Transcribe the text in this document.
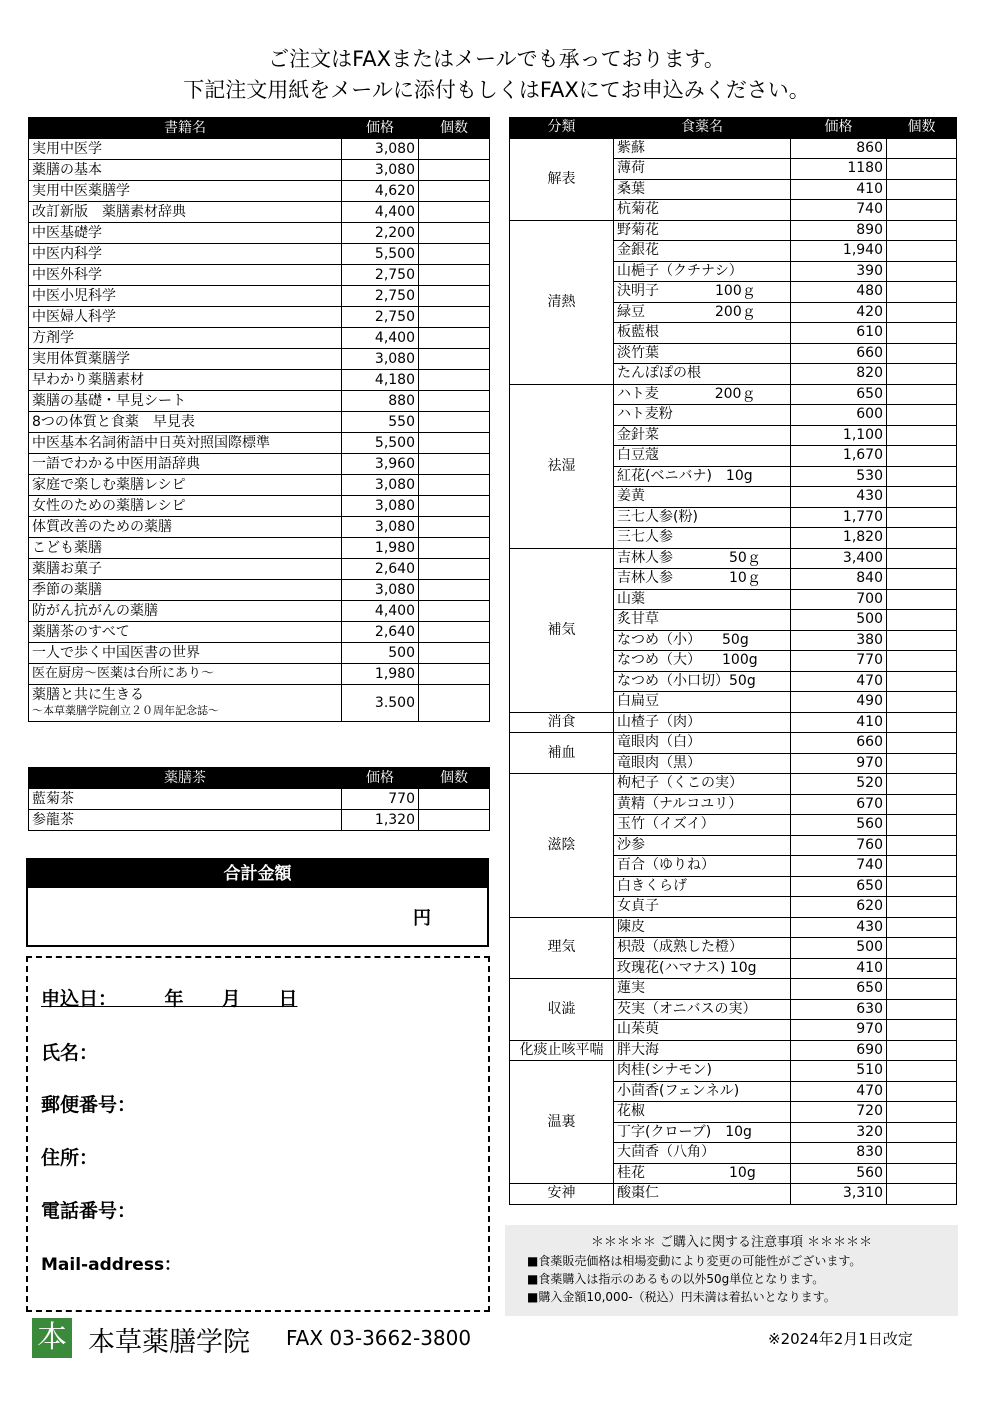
ご注文はFAXまたはメールでも承っております。
下記注文用紙をメールに添付もしくはFAXにてお申込みください。
書籍名	価格	個数
実用中医学	3,080	
薬膳の基本	3,080	
実用中医薬膳学	4,620	
改訂新版　薬膳素材辞典	4,400	
中医基礎学	2,200	
中医内科学	5,500	
中医外科学	2,750	
中医小児科学	2,750	
中医婦人科学	2,750	
方剤学	4,400	
実用体質薬膳学	3,080	
早わかり薬膳素材	4,180	
薬膳の基礎・早見シート	880	
8つの体質と食薬　早見表	550	
中医基本名詞術語中日英対照国際標準	5,500	
一語でわかる中医用語辞典	3,960	
家庭で楽しむ薬膳レシピ	3,080	
女性のための薬膳レシピ	3,080	
体質改善のための薬膳	3,080	
こども薬膳	1,980	
薬膳お菓子	2,640	
季節の薬膳	3,080	
防がん抗がんの薬膳	4,400	
薬膳茶のすべて	2,640	
一人で歩く中国医書の世界	500	
医在厨房～医薬は台所にあり～	1,980	

薬膳と共に生きる
～本草薬膳学院創立２０周年記念誌～	3.500	
薬膳茶	価格	個数
藍菊茶	770	
参龍茶	1,320	
合計金額
円
申込日：　　　年　　月　　日
氏名：
郵便番号：
住所：
電話番号：
Mail-address：
分類	食薬名	価格	個数
解表	紫蘇	860	
	薄荷	1180	
	桑葉	410	
	杭菊花	740	
清熱	野菊花	890	
	金銀花	1,940	
	山梔子（クチナシ）	390	
	決明子　　　　100ｇ	480	
	緑豆　　　　　200ｇ	420	
	板藍根	610	
	淡竹葉	660	
	たんぽぽの根	820	
祛湿	ハト麦　　　　200ｇ	650	
	ハト麦粉	600	
	金針菜	1,100	
	白豆蔻	1,670	
	紅花(ベニバナ)　10g	530	
	姜黄	430	
	三七人参(粉)	1,770	
	三七人参	1,820	
補気	吉林人参　　　　50ｇ	3,400	
	吉林人参　　　　10ｇ	840	
	山薬	700	
	炙甘草	500	
	なつめ（小）　　50g	380	
	なつめ（大）　　100g	770	
	なつめ（小口切）50g	470	
	白扁豆	490	
消食	山楂子（肉）	410	
補血	竜眼肉（白）	660	
	竜眼肉（黒）	970	
滋陰	枸杞子（くこの実）	520	
	黄精（ナルコユリ）	670	
	玉竹（イズイ）	560	
	沙参	760	
	百合（ゆりね）	740	
	白きくらげ	650	
	女貞子	620	
理気	陳皮	430	
	枳殻（成熟した橙）	500	
	玫瑰花(ハマナス) 10g	410	
収澁	蓮実	650	
	芡実（オニバスの実）	630	
	山茱萸	970	
化痰止咳平喘	胖大海	690	
温裏	肉桂(シナモン)	510	
	小茴香(フェンネル)	470	
	花椒	720	
	丁字(クローブ)　10g	320	
	大茴香（八角）	830	
	桂花　　　　　　10g	560	
安神	酸棗仁	3,310	
＊＊＊＊＊ ご購入に関する注意事項 ＊＊＊＊＊
■食薬販売価格は相場変動により変更の可能性がございます。
■食薬購入は指示のあるもの以外50g単位となります。
■購入金額10,000-（税込）円未満は着払いとなります。
本 本草薬膳学院 FAX 03-3662-3800	※2024年2月1日改定
